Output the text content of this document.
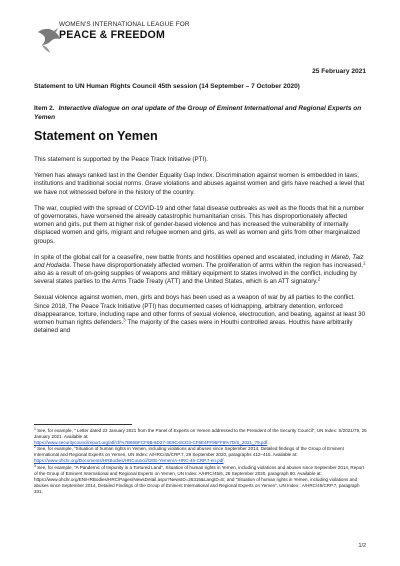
WOMEN'S INTERNATIONAL LEAGUE FOR
PEACE & FREEDOM
25 February 2021
Statement to UN Human Rights Council 45th session (14 September – 7 October 2020)
Item 2. Interactive dialogue on oral update of the Group of Eminent International and Regional Experts on Yemen
Statement on Yemen

This statement is supported by the Peace Track Initiative (PTI).

Yemen has always ranked last in the Gender Equality Gap Index. Discrimination against women is embedded in laws, institutions and traditional social norms. Grave violations and abuses against women and girls have reached a level that we have not witnessed before in the history of the country.

The war, coupled with the spread of COVID-19 and other fatal disease outbreaks as well as the floods that hit a number of governorates, have worsened the already catastrophic humanitarian crisis. This has disproportionately affected women and girls, put them at higher risk of gender-based violence and has increased the vulnerability of internally displaced women and girls, migrant and refugee women and girls, as well as women and girls from other marginalized groups.

In spite of the global call for a ceasefire, new battle fronts and hostilities opened and escalated, including in Mareb, Taiz and Hodaida. These have disproportionately affected women. The proliferation of arms within the region has increased,$^1$ also as a result of on-going supplies of weapons and military equipment to states involved in the conflict, including by several states parties to the Arms Trade Treaty (ATT) and the United States, which is an ATT signatory.$^2$

Sexual violence against women, men, girls and boys has been used as a weapon of war by all parties to the conflict. Since 2018, The Peace Track Initiative (PTI) has documented cases of kidnapping, arbitrary detention, enforced disappearance, torture, including rape and other forms of sexual violence, electrocution, and beating, against at least 30 women human rights defenders.$^3$ The majority of the cases were in Houthi controlled areas. Houthis have arbitrarily detained and

$^1$ See, for example, " Letter dated 22 January 2021 from the Panel of Experts on Yemen addressed to the President of the Security Council", UN Index: S/2021/79, 25 January 2021. Available at:
https://www.securitycouncilreport.org/atf/cf/%7B65BFCF9B-6D27-4E9C-8CD3-CF6E4FF96FF9%7D/S_2021_79.pdf.

$^2$ See, for example, "Situation of human rights in Yemen, including violations and abuses since September 2014. Detailed findings of the Group of Eminent International and Regional Experts on Yemen, UN Index: A/HRC/45/CRP.7, 29 September 2020, paragraphs 412–415. Available at: https://www.ohchr.org/Documents/HRBodies/HRCouncil/GEE-Yemen/A-HRC-45-CRP.7-en.pdf.

$^3$ See, for example, "A Pandemic of Impunity in a Tortured Land", Situation of human rights in Yemen, including violations and abuses since September 2014, Report of the Group of Eminent International and Regional Experts on Yemen, UN Index: A/HRC/45/6, 28 September 2020, paragraph 80. Available at: https://www.ohchr.org/EN/HRBodies/HRC/Pages/NewsDetail.aspx?NewsID=26315&LangID=E; and "Situation of human rights in Yemen, including violations and abuses since September 2014, Detailed Findings of the Group of Eminent International and Regional Experts on Yemen", UN Index : A/HRC/45/CRP.7, paragraph 331.

1/2
